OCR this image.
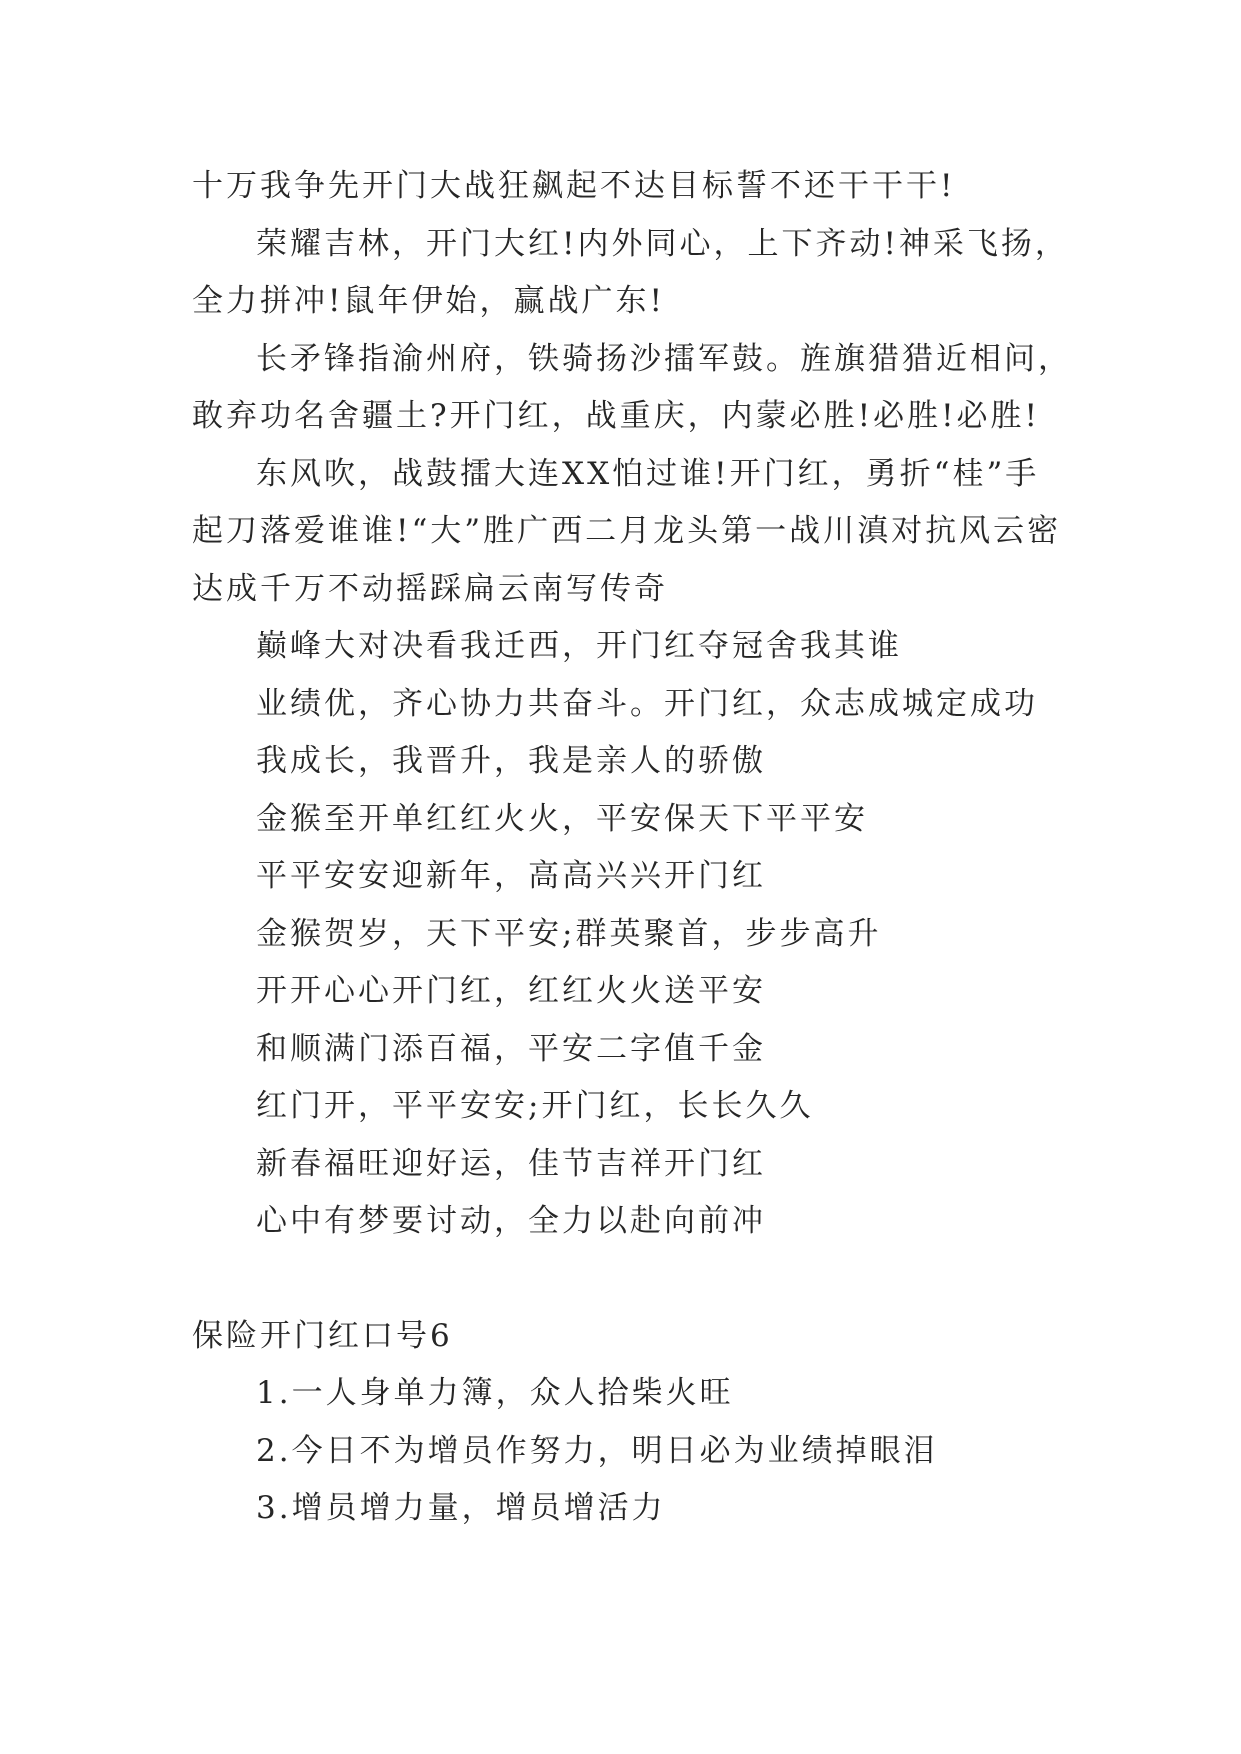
十万我争先开门大战狂飙起不达目标誓不还干干干!

荣耀吉林，开门大红!内外同心，上下齐动!神采飞扬，全力拼冲!鼠年伊始，赢战广东!

长矛锋指渝州府，铁骑扬沙擂军鼓。旌旗猎猎近相问，敢弃功名舍疆土?开门红，战重庆，内蒙必胜!必胜!必胜!

东风吹，战鼓擂大连XX怕过谁!开门红，勇折“桂”手起刀落爱谁谁!“大”胜广西二月龙头第一战川滇对抗风云密达成千万不动摇踩扁云南写传奇

巅峰大对决看我迁西，开门红夺冠舍我其谁

业绩优，齐心协力共奋斗。开门红，众志成城定成功

我成长，我晋升，我是亲人的骄傲

金猴至开单红红火火，平安保天下平平安

平平安安迎新年，高高兴兴开门红

金猴贺岁，天下平安;群英聚首，步步高升

开开心心开门红，红红火火送平安

和顺满门添百福，平安二字值千金

红门开，平平安安;开门红，长长久久

新春福旺迎好运，佳节吉祥开门红

心中有梦要讨动，全力以赴向前冲

保险开门红口号6

1.一人身单力簿，众人拾柴火旺

2.今日不为增员作努力，明日必为业绩掉眼泪

3.增员增力量，增员增活力
